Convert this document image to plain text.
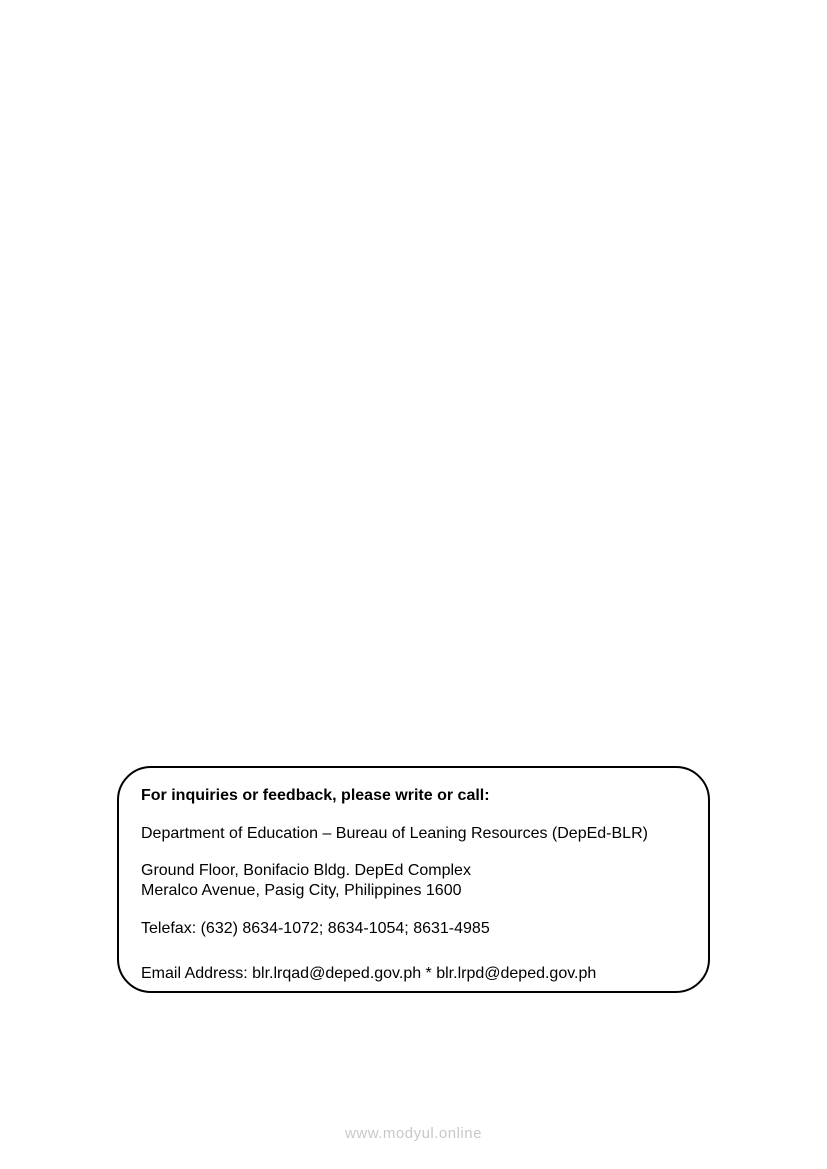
For inquiries or feedback, please write or call:
Department of Education – Bureau of Leaning Resources (DepEd-BLR)
Ground Floor, Bonifacio Bldg. DepEd Complex
Meralco Avenue, Pasig City, Philippines 1600
Telefax: (632) 8634-1072; 8634-1054; 8631-4985
Email Address: blr.lrqad@deped.gov.ph * blr.lrpd@deped.gov.ph
www.modyul.online
